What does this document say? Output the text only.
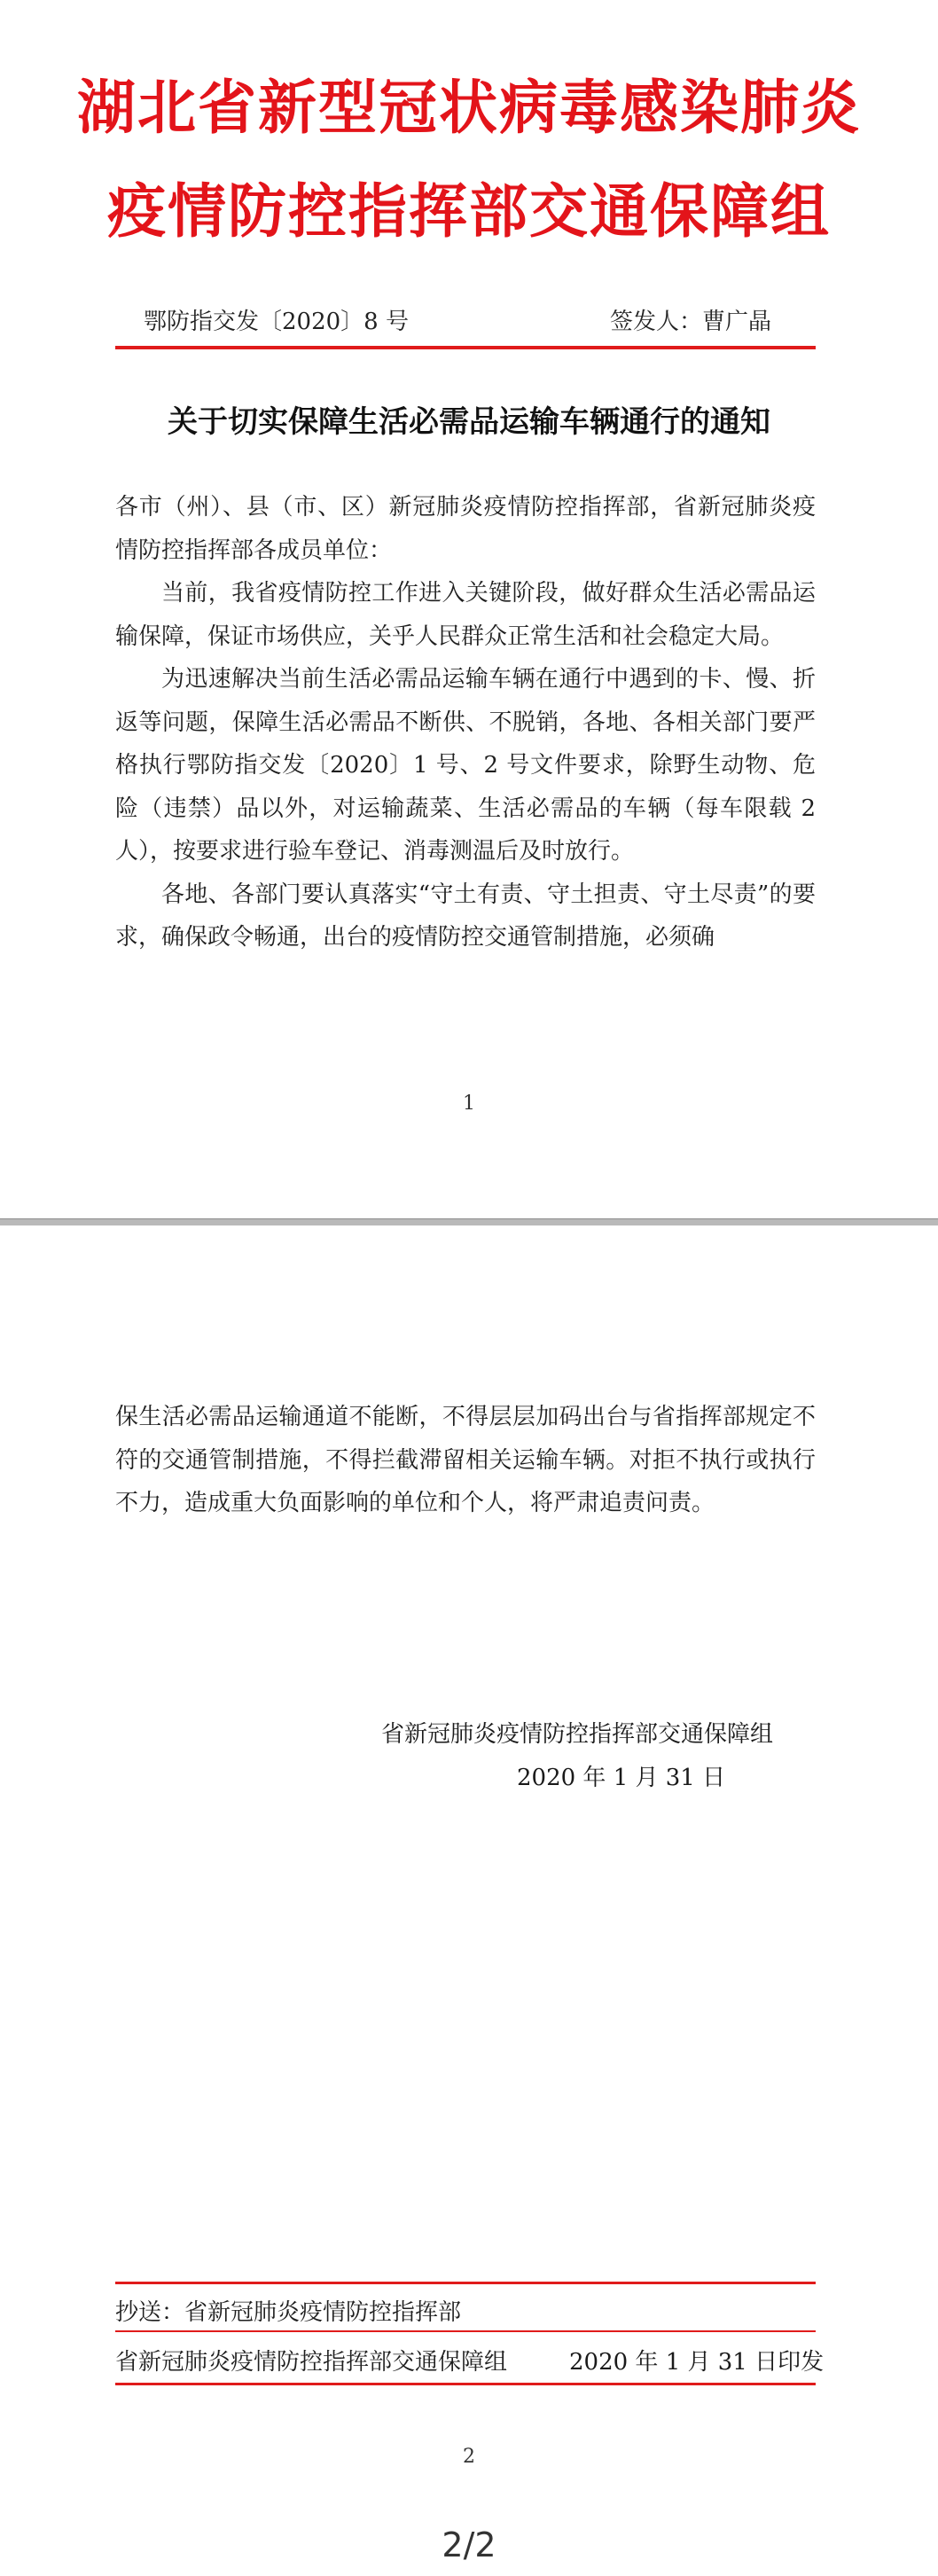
湖北省新型冠状病毒感染肺炎
疫情防控指挥部交通保障组
鄂防指交发〔2020〕8 号	签发人：曹广晶
关于切实保障生活必需品运输车辆通行的通知

各市（州）、县（市、区）新冠肺炎疫情防控指挥部，省新冠肺炎疫情防控指挥部各成员单位：

当前，我省疫情防控工作进入关键阶段，做好群众生活必需品运输保障，保证市场供应，关乎人民群众正常生活和社会稳定大局。

为迅速解决当前生活必需品运输车辆在通行中遇到的卡、慢、折返等问题，保障生活必需品不断供、不脱销，各地、各相关部门要严格执行鄂防指交发〔2020〕1 号、2 号文件要求，除野生动物、危险（违禁）品以外，对运输蔬菜、生活必需品的车辆（每车限载 2 人），按要求进行验车登记、消毒测温后及时放行。

各地、各部门要认真落实“守土有责、守土担责、守土尽责”的要求，确保政令畅通，出台的疫情防控交通管制措施，必须确

1

保生活必需品运输通道不能断，不得层层加码出台与省指挥部规定不符的交通管制措施，不得拦截滞留相关运输车辆。对拒不执行或执行不力，造成重大负面影响的单位和个人，将严肃追责问责。

省新冠肺炎疫情防控指挥部交通保障组
2020 年 1 月 31 日
抄送：省新冠肺炎疫情防控指挥部
省新冠肺炎疫情防控指挥部交通保障组	2020 年 1 月 31 日印发
2
2/2
